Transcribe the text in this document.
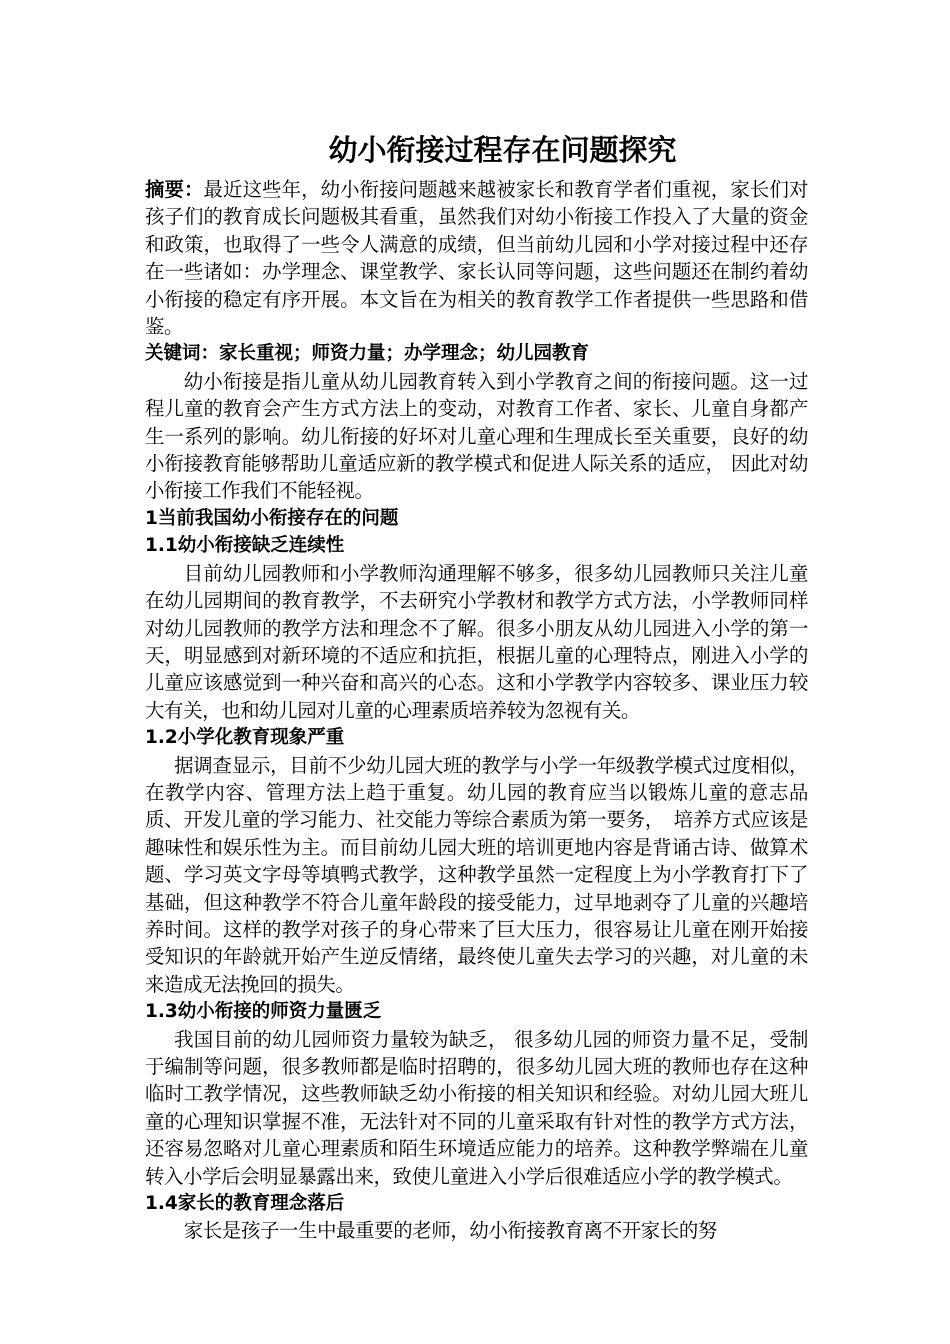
幼小衔接过程存在问题探究

摘要：最近这些年，幼小衔接问题越来越被家长和教育学者们重视，家长们对孩子们的教育成长问题极其看重，虽然我们对幼小衔接工作投入了大量的资金和政策，也取得了一些令人满意的成绩，但当前幼儿园和小学对接过程中还存在一些诸如：办学理念、课堂教学、家长认同等问题，这些问题还在制约着幼小衔接的稳定有序开展。本文旨在为相关的教育教学工作者提供一些思路和借鉴。

关键词：家长重视；师资力量；办学理念；幼儿园教育

幼小衔接是指儿童从幼儿园教育转入到小学教育之间的衔接问题。这一过程儿童的教育会产生方式方法上的变动，对教育工作者、家长、儿童自身都产生一系列的影响。幼儿衔接的好坏对儿童心理和生理成长至关重要，良好的幼小衔接教育能够帮助儿童适应新的教学模式和促进人际关系的适应， 因此对幼小衔接工作我们不能轻视。

1当前我国幼小衔接存在的问题
1.1幼小衔接缺乏连续性

目前幼儿园教师和小学教师沟通理解不够多，很多幼儿园教师只关注儿童在幼儿园期间的教育教学，不去研究小学教材和教学方式方法，小学教师同样对幼儿园教师的教学方法和理念不了解。很多小朋友从幼儿园进入小学的第一天，明显感到对新环境的不适应和抗拒，根据儿童的心理特点，刚进入小学的儿童应该感觉到一种兴奋和高兴的心态。这和小学教学内容较多、课业压力较大有关，也和幼儿园对儿童的心理素质培养较为忽视有关。

1.2小学化教育现象严重

据调查显示，目前不少幼儿园大班的教学与小学一年级教学模式过度相似，在教学内容、管理方法上趋于重复。幼儿园的教育应当以锻炼儿童的意志品质、开发儿童的学习能力、社交能力等综合素质为第一要务，　培养方式应该是趣味性和娱乐性为主。而目前幼儿园大班的培训更地内容是背诵古诗、做算术题、学习英文字母等填鸭式教学，这种教学虽然一定程度上为小学教育打下了基础，但这种教学不符合儿童年龄段的接受能力，过早地剥夺了儿童的兴趣培养时间。这样的教学对孩子的身心带来了巨大压力，很容易让儿童在刚开始接受知识的年龄就开始产生逆反情绪，最终使儿童失去学习的兴趣，对儿童的未来造成无法挽回的损失。

1.3幼小衔接的师资力量匮乏

我国目前的幼儿园师资力量较为缺乏， 很多幼儿园的师资力量不足，受制于编制等问题，很多教师都是临时招聘的，很多幼儿园大班的教师也存在这种临时工教学情况，这些教师缺乏幼小衔接的相关知识和经验。对幼儿园大班儿童的心理知识掌握不准，无法针对不同的儿童采取有针对性的教学方式方法，还容易忽略对儿童心理素质和陌生环境适应能力的培养。这种教学弊端在儿童转入小学后会明显暴露出来，致使儿童进入小学后很难适应小学的教学模式。

1.4家长的教育理念落后

家长是孩子一生中最重要的老师，幼小衔接教育离不开家长的努
